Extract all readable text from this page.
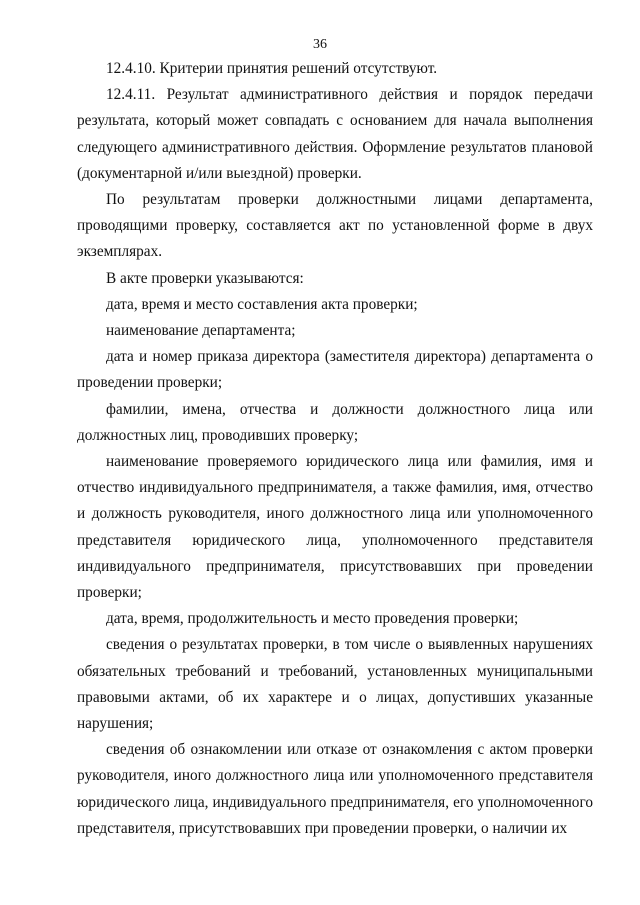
36

12.4.10. Критерии принятия решений отсутствуют.

12.4.11. Результат административного действия и порядок передачи результата, который может совпадать с основанием для начала выполнения следующего административного действия. Оформление результатов плановой (документарной и/или выездной) проверки.

По результатам проверки должностными лицами департамента, проводящими проверку, составляется акт по установленной форме в двух экземплярах.

В акте проверки указываются:

дата, время и место составления акта проверки;

наименование департамента;

дата и номер приказа директора (заместителя директора) департамента о проведении проверки;

фамилии, имена, отчества и должности должностного лица или должностных лиц, проводивших проверку;

наименование проверяемого юридического лица или фамилия, имя и отчество индивидуального предпринимателя, а также фамилия, имя, отчество и должность руководителя, иного должностного лица или уполномоченного представителя юридического лица, уполномоченного представителя индивидуального предпринимателя, присутствовавших при проведении проверки;

дата, время, продолжительность и место проведения проверки;

сведения о результатах проверки, в том числе о выявленных нарушениях обязательных требований и требований, установленных муниципальными правовыми актами, об их характере и о лицах, допустивших указанные нарушения;

сведения об ознакомлении или отказе от ознакомления с актом проверки руководителя, иного должностного лица или уполномоченного представителя юридического лица, индивидуального предпринимателя, его уполномоченного представителя, присутствовавших при проведении проверки, о наличии их
